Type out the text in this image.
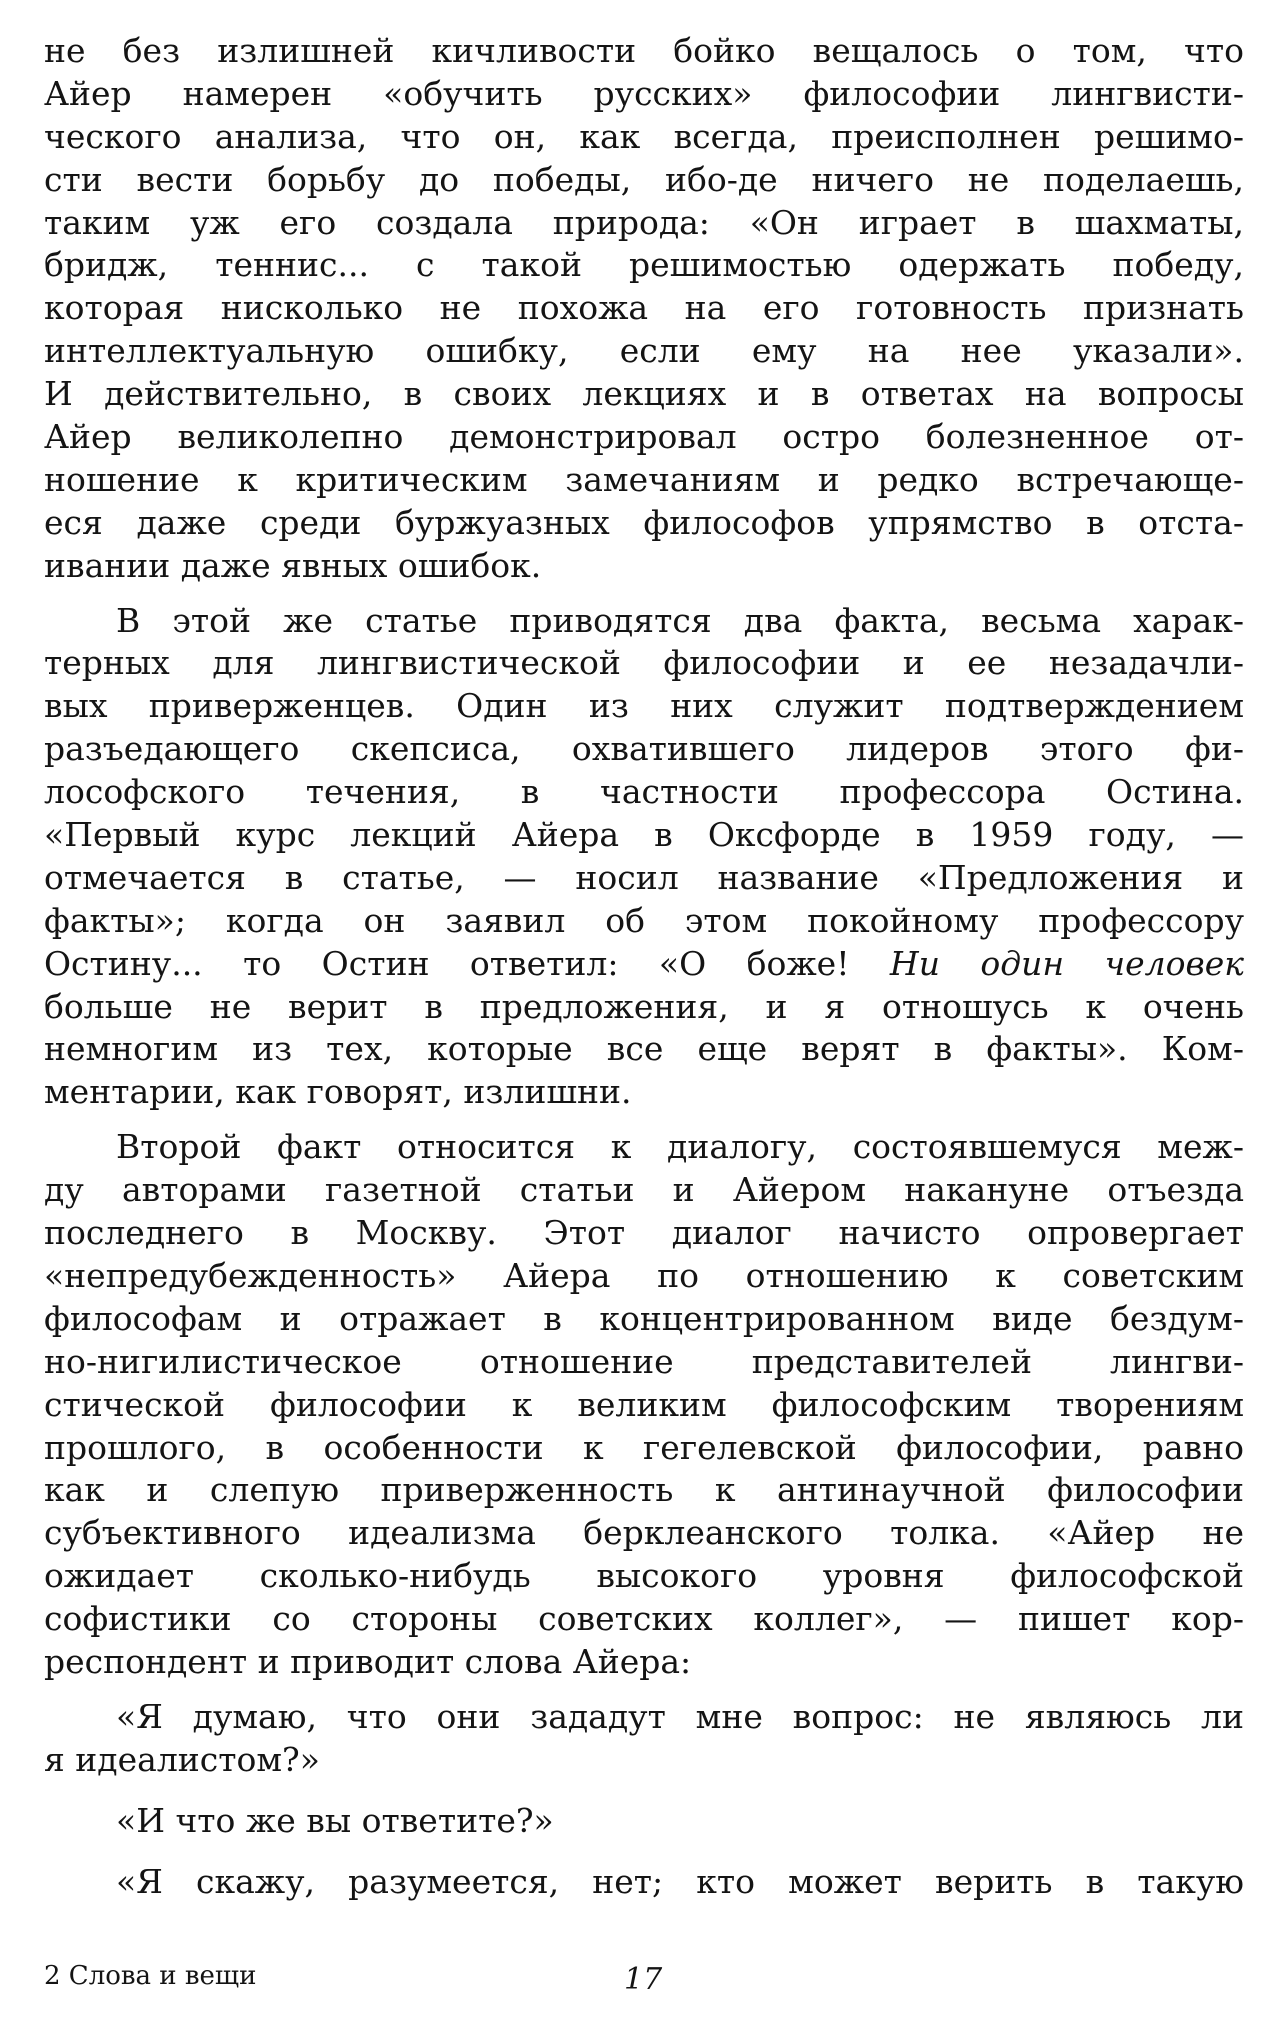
не без излишней кичливости бойко вещалось о том, что
Айер намерен «обучить русских» философии лингвисти-
ческого анализа, что он, как всегда, преисполнен решимо-
сти вести борьбу до победы, ибо-де ничего не поделаешь,
таким уж его создала природа: «Он играет в шахматы,
бридж, теннис... с такой решимостью одержать победу,
которая нисколько не похожа на его готовность признать
интеллектуальную ошибку, если ему на нее указали».
И действительно, в своих лекциях и в ответах на вопросы
Айер великолепно демонстрировал остро болезненное от-
ношение к критическим замечаниям и редко встречающе-
еся даже среди буржуазных философов упрямство в отста-
ивании даже явных ошибок.
В этой же статье приводятся два факта, весьма харак-
терных для лингвистической философии и ее незадачли-
вых приверженцев. Один из них служит подтверждением
разъедающего скепсиса, охватившего лидеров этого фи-
лософского течения, в частности профессора Остина.
«Первый курс лекций Айера в Оксфорде в 1959 году, —
отмечается в статье, — носил название «Предложения и
факты»; когда он заявил об этом покойному профессору
Остину... то Остин ответил: «О боже! Ни один человек
больше не верит в предложения, и я отношусь к очень
немногим из тех, которые все еще верят в факты». Ком-
ментарии, как говорят, излишни.
Второй факт относится к диалогу, состоявшемуся меж-
ду авторами газетной статьи и Айером накануне отъезда
последнего в Москву. Этот диалог начисто опровергает
«непредубежденность» Айера по отношению к советским
философам и отражает в концентрированном виде бездум-
но-нигилистическое отношение представителей лингви-
стической философии к великим философским творениям
прошлого, в особенности к гегелевской философии, равно
как и слепую приверженность к антинаучной философии
субъективного идеализма берклеанского толка. «Айер не
ожидает сколько-нибудь высокого уровня философской
софистики со стороны советских коллег», — пишет кор-
респондент и приводит слова Айера:
«Я думаю, что они зададут мне вопрос: не являюсь ли
я идеалистом?»
«И что же вы ответите?»
«Я скажу, разумеется, нет; кто может верить в такую
2 Слова и вещи	17
